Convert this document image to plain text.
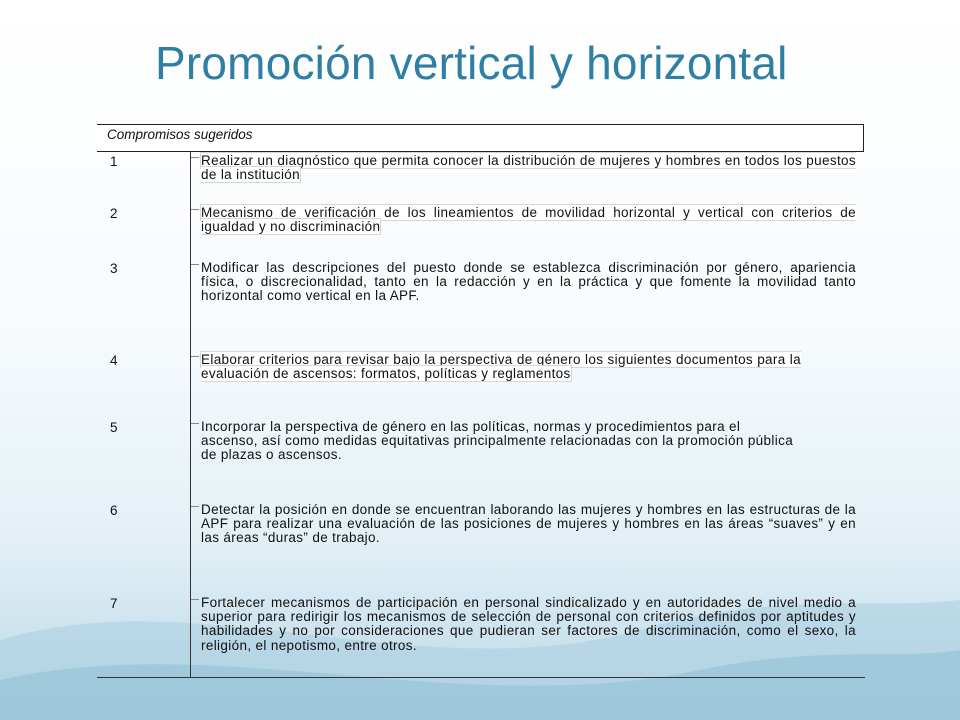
Promoción vertical y horizontal
Compromisos sugeridos
1	Realizar un diagnóstico que permita conocer la distribución de mujeres y hombres en todos los puestos de la institución
2	Mecanismo de verificación de los lineamientos de movilidad horizontal y vertical con criterios de igualdad y no discriminación
3	Modificar las descripciones del puesto donde se establezca discriminación por género, apariencia física, o discrecionalidad, tanto en la redacción y en la práctica y que fomente la movilidad tanto horizontal como vertical en la APF.
4	Elaborar criterios para revisar bajo la perspectiva de género los siguientes documentos para la evaluación de ascensos: formatos, políticas y reglamentos
5	Incorporar la perspectiva de género en las políticas, normas y procedimientos para el ascenso, así como medidas equitativas principalmente relacionadas con la promoción pública de plazas o ascensos.
6	Detectar la posición en donde se encuentran laborando las mujeres y hombres en las estructuras de la APF para realizar una evaluación de las posiciones de mujeres y hombres en las áreas “suaves” y en las áreas “duras” de trabajo.
7	Fortalecer mecanismos de participación en personal sindicalizado y en autoridades de nivel medio a superior para redirigir los mecanismos de selección de personal con criterios definidos por aptitudes y habilidades y no por consideraciones que pudieran ser factores de discriminación, como el sexo, la religión, el nepotismo, entre otros.
